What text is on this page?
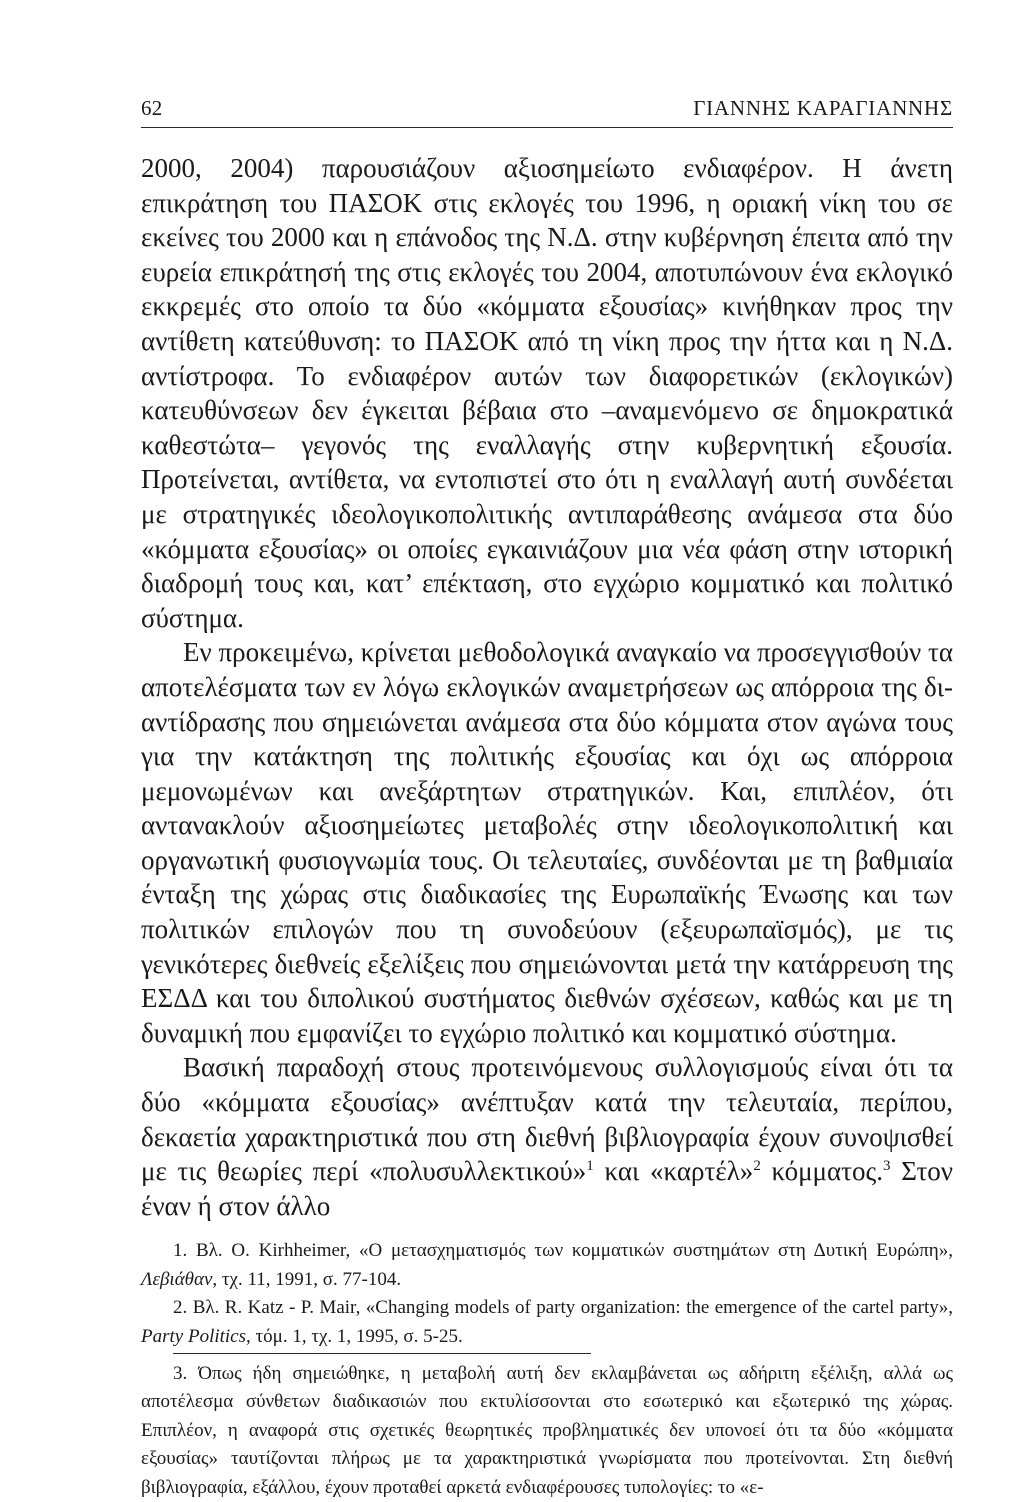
62	ΓΙΑΝΝΗΣ ΚΑΡΑΓΙΑΝΝΗΣ

2000, 2004) παρουσιάζουν αξιοσημείωτο ενδιαφέρον. Η άνετη επικράτηση του ΠΑΣΟΚ στις εκλογές του 1996, η οριακή νίκη του σε εκείνες του 2000 και η επάνοδος της Ν.Δ. στην κυβέρνηση έπειτα από την ευρεία επικράτησή της στις εκλογές του 2004, αποτυπώνουν ένα εκλογικό εκκρεμές στο οποίο τα δύο «κόμματα εξουσίας» κινήθηκαν προς την αντίθετη κατεύθυνση: το ΠΑΣΟΚ από τη νίκη προς την ήττα και η Ν.Δ. αντίστροφα. Το ενδιαφέρον αυτών των διαφορετικών (εκλογικών) κατευθύνσεων δεν έγκειται βέβαια στο –αναμενόμενο σε δημοκρατικά καθεστώτα– γεγονός της εναλλαγής στην κυβερνητική εξουσία. Προτείνεται, αντίθετα, να εντοπιστεί στο ότι η εναλλαγή αυτή συνδέεται με στρατηγικές ιδεολογικοπολιτικής αντιπαράθεσης ανάμεσα στα δύο «κόμματα εξουσίας» οι οποίες εγκαινιάζουν μια νέα φάση στην ιστορική διαδρομή τους και, κατ’ επέκταση, στο εγχώριο κομματικό και πολιτικό σύστημα.

Εν προκειμένω, κρίνεται μεθοδολογικά αναγκαίο να προσεγγισθούν τα αποτελέσματα των εν λόγω εκλογικών αναμετρήσεων ως απόρροια της δι-αντίδρασης που σημειώνεται ανάμεσα στα δύο κόμματα στον αγώνα τους για την κατάκτηση της πολιτικής εξουσίας και όχι ως απόρροια μεμονωμένων και ανεξάρτητων στρατηγικών. Και, επιπλέον, ότι αντανακλούν αξιοσημείωτες μεταβολές στην ιδεολογικοπολιτική και οργανωτική φυσιογνωμία τους. Οι τελευταίες, συνδέονται με τη βαθμιαία ένταξη της χώρας στις διαδικασίες της Ευρωπαϊκής Ένωσης και των πολιτικών επιλογών που τη συνοδεύουν (εξευρωπαϊσμός), με τις γενικότερες διεθνείς εξελίξεις που σημειώνονται μετά την κατάρρευση της ΕΣΔΔ και του διπολικού συστήματος διεθνών σχέσεων, καθώς και με τη δυναμική που εμφανίζει το εγχώριο πολιτικό και κομματικό σύστημα.

Βασική παραδοχή στους προτεινόμενους συλλογισμούς είναι ότι τα δύο «κόμματα εξουσίας» ανέπτυξαν κατά την τελευταία, περίπου, δεκαετία χαρακτηριστικά που στη διεθνή βιβλιογραφία έχουν συνοψισθεί με τις θεωρίες περί «πολυσυλλεκτικού»$^1$ και «καρτέλ»$^2$ κόμματος.$^3$ Στον έναν ή στον άλλο

1. Βλ. O. Kirhheimer, «Ο μετασχηματισμός των κομματικών συστημάτων στη Δυτική Ευρώπη», Λεβιάθαν, τχ. 11, 1991, σ. 77-104.

2. Βλ. R. Katz - P. Mair, «Changing models of party organization: the emergence of the cartel party», Party Politics, τόμ. 1, τχ. 1, 1995, σ. 5-25.

3. Όπως ήδη σημειώθηκε, η μεταβολή αυτή δεν εκλαμβάνεται ως αδήριτη εξέλιξη, αλλά ως αποτέλεσμα σύνθετων διαδικασιών που εκτυλίσσονται στο εσωτερικό και εξωτερικό της χώρας. Επιπλέον, η αναφορά στις σχετικές θεωρητικές προβληματικές δεν υπονοεί ότι τα δύο «κόμματα εξουσίας» ταυτίζονται πλήρως με τα χαρακτηριστικά γνωρίσματα που προτείνονται. Στη διεθνή βιβλιογραφία, εξάλλου, έχουν προταθεί αρκετά ενδιαφέρουσες τυπολογίες: το «ε-
